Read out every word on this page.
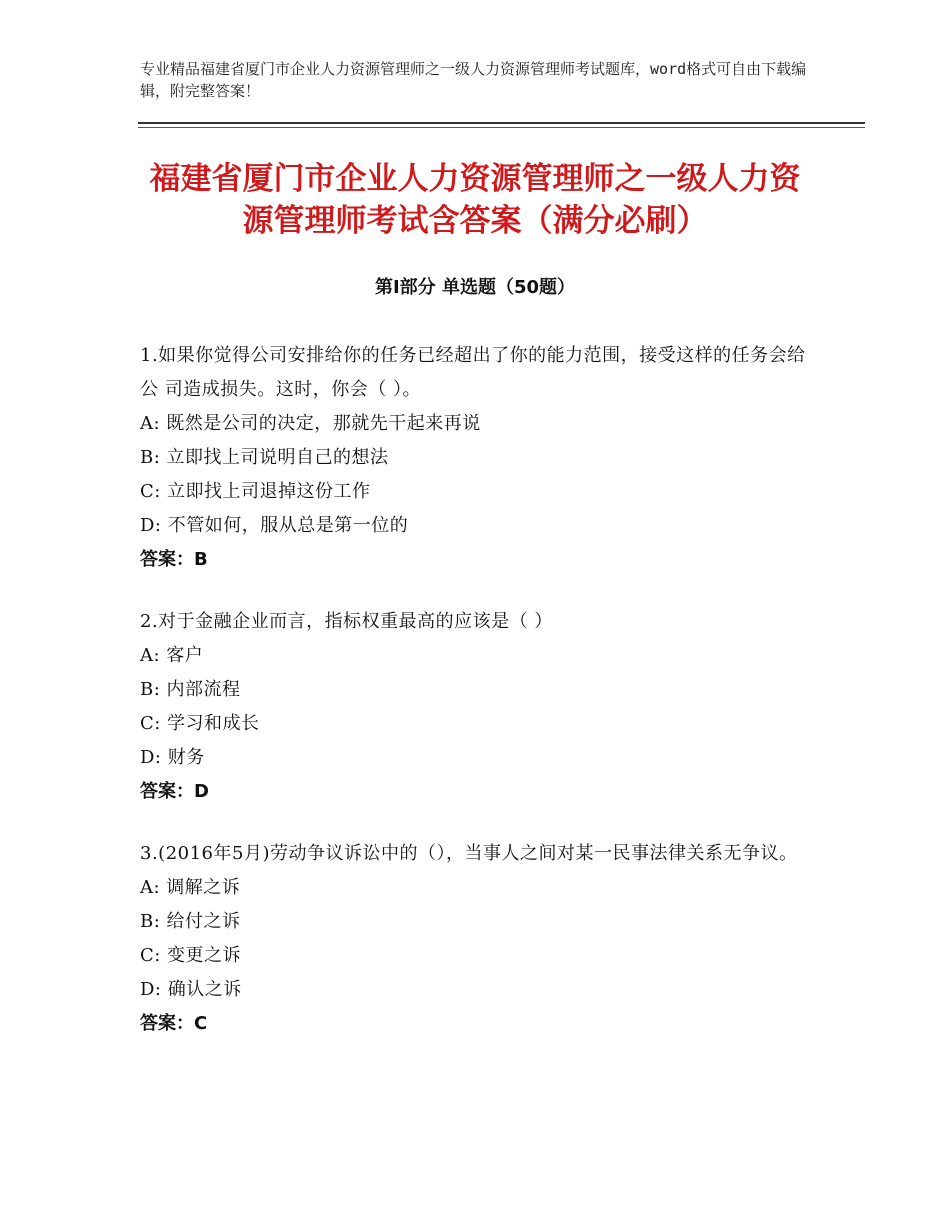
专业精品福建省厦门市企业人力资源管理师之一级人力资源管理师考试题库，word格式可自由下载编辑，附完整答案！
福建省厦门市企业人力资源管理师之一级人力资源管理师考试含答案（满分必刷）
第Ⅰ部分 单选题（50题）
1.如果你觉得公司安排给你的任务已经超出了你的能力范围，接受这样的任务会给公 司造成损失。这时，你会（ ）。
A: 既然是公司的决定，那就先干起来再说
B: 立即找上司说明自己的想法
C: 立即找上司退掉这份工作
D: 不管如何，服从总是第一位的
答案：B
2.对于金融企业而言，指标权重最高的应该是（ ）
A: 客户
B: 内部流程
C: 学习和成长
D: 财务
答案：D
3.(2016年5月)劳动争议诉讼中的（），当事人之间对某一民事法律关系无争议。
A: 调解之诉
B: 给付之诉
C: 变更之诉
D: 确认之诉
答案：C
